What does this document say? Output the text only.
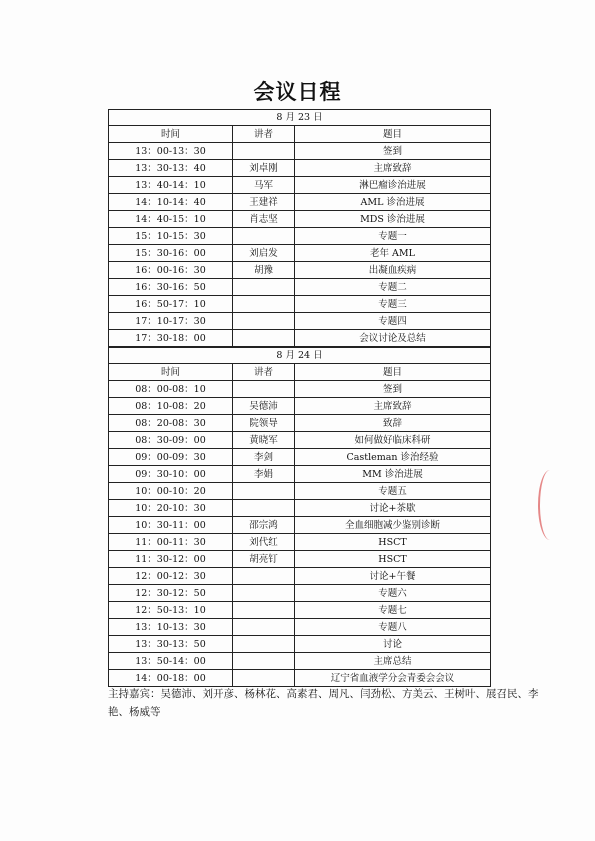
会议日程
8 月 23 日		
时间	讲者	题目
13：00-13：30		签到
13：30-13：40	刘卓刚	主席致辞
13：40-14：10	马军	淋巴瘤诊治进展
14：10-14：40	王建祥	AML 诊治进展
14：40-15：10	肖志坚	MDS 诊治进展
15：10-15：30		专题一
15：30-16：00	刘启发	老年 AML
16：00-16：30	胡豫	出凝血疾病
16：30-16：50		专题二
16：50-17：10		专题三
17：10-17：30		专题四
17：30-18：00		会议讨论及总结
8 月 24 日		
时间	讲者	题目
08：00-08：10		签到
08：10-08：20	吴德沛	主席致辞
08：20-08：30	院领导	致辞
08：30-09：00	黄晓军	如何做好临床科研
09：00-09：30	李剑	Castleman 诊治经验
09：30-10：00	李娟	MM 诊治进展
10：00-10：20		专题五
10：20-10：30		讨论+茶歇
10：30-11：00	邵宗鸿	全血细胞减少鉴别诊断
11：00-11：30	刘代红	HSCT
11：30-12：00	胡亮钉	HSCT
12：00-12：30		讨论+午餐
12：30-12：50		专题六
12：50-13：10		专题七
13：10-13：30		专题八
13：30-13：50		讨论
13：50-14：00		主席总结
14：00-18：00		辽宁省血液学分会青委会会议
主持嘉宾：吴德沛、刘开彦、杨林花、高素君、周凡、闫劲松、方美云、王树叶、展召民、李艳、杨威等
